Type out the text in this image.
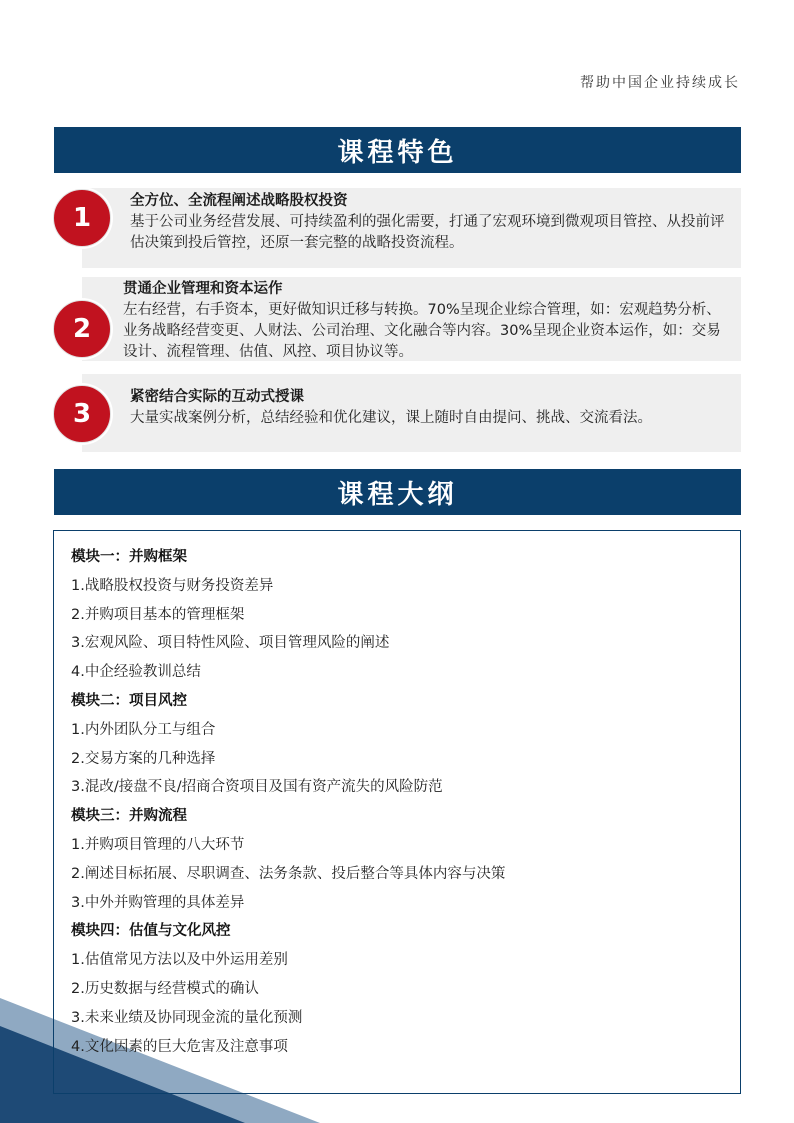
帮助中国企业持续成长
课程特色
1
全方位、全流程阐述战略股权投资
基于公司业务经营发展、可持续盈利的强化需要，打通了宏观环境到微观项目管控、从投前评估决策到投后管控，还原一套完整的战略投资流程。
2
贯通企业管理和资本运作
左右经营，右手资本，更好做知识迁移与转换。70%呈现企业综合管理，如：宏观趋势分析、业务战略经营变更、人财法、公司治理、文化融合等内容。30%呈现企业资本运作，如：交易设计、流程管理、估值、风控、项目协议等。
3
紧密结合实际的互动式授课
大量实战案例分析，总结经验和优化建议，课上随时自由提问、挑战、交流看法。
课程大纲
模块一：并购框架
1.战略股权投资与财务投资差异
2.并购项目基本的管理框架
3.宏观风险、项目特性风险、项目管理风险的阐述
4.中企经验教训总结
模块二：项目风控
1.内外团队分工与组合
2.交易方案的几种选择
3.混改/接盘不良/招商合资项目及国有资产流失的风险防范
模块三：并购流程
1.并购项目管理的八大环节
2.阐述目标拓展、尽职调查、法务条款、投后整合等具体内容与决策
3.中外并购管理的具体差异
模块四：估值与文化风控
1.估值常见方法以及中外运用差别
2.历史数据与经营模式的确认
3.未来业绩及协同现金流的量化预测
4.文化因素的巨大危害及注意事项
